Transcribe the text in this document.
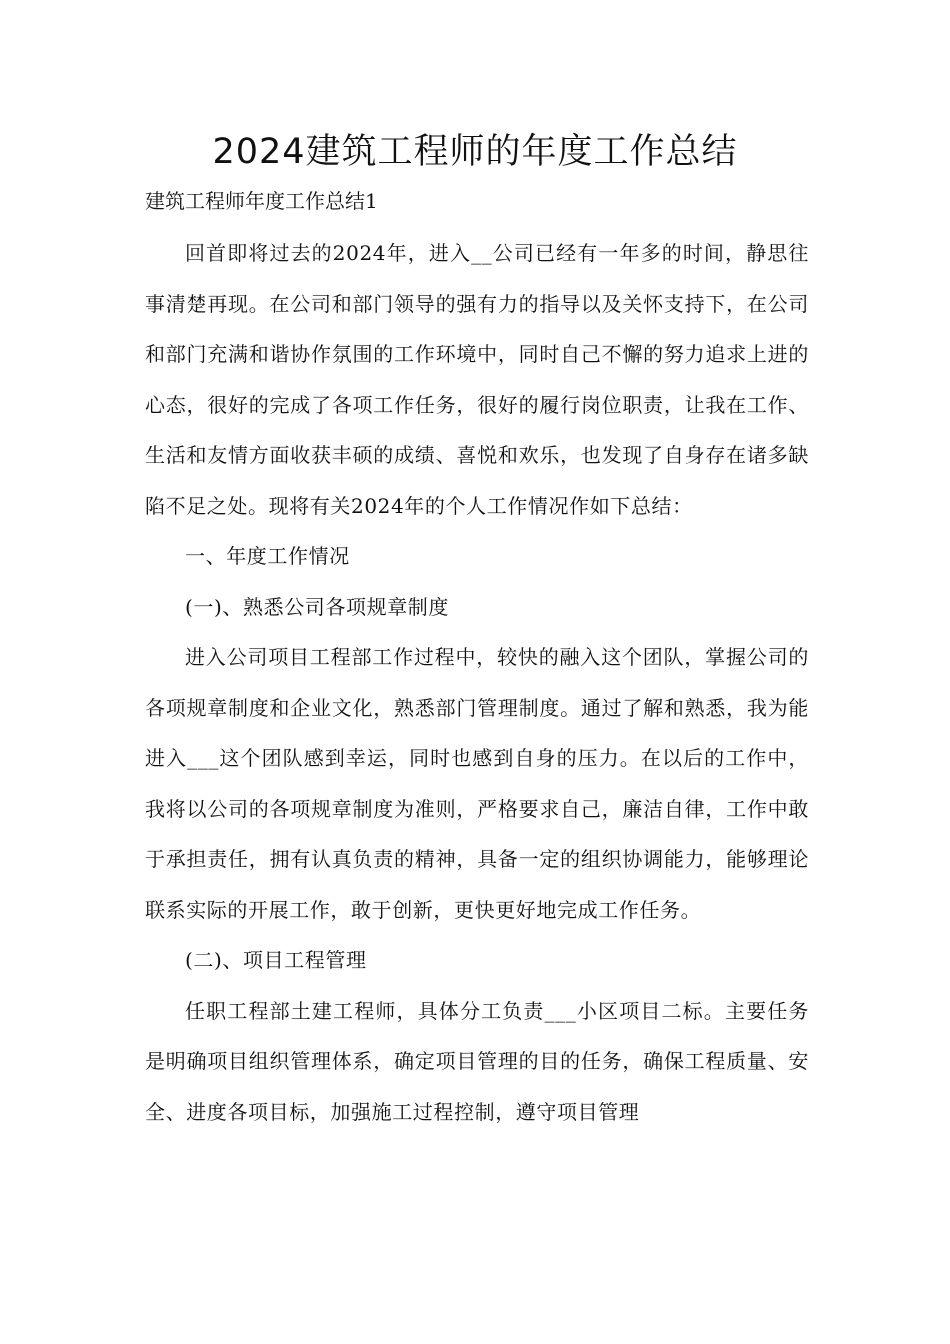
2024建筑工程师的年度工作总结

建筑工程师年度工作总结1

回首即将过去的2024年，进入__公司已经有一年多的时间，静思往事清楚再现。在公司和部门领导的强有力的指导以及关怀支持下，在公司和部门充满和谐协作氛围的工作环境中，同时自己不懈的努力追求上进的心态，很好的完成了各项工作任务，很好的履行岗位职责，让我在工作、生活和友情方面收获丰硕的成绩、喜悦和欢乐，也发现了自身存在诸多缺陷不足之处。现将有关2024年的个人工作情况作如下总结：

一、年度工作情况

(一)、熟悉公司各项规章制度

进入公司项目工程部工作过程中，较快的融入这个团队，掌握公司的各项规章制度和企业文化，熟悉部门管理制度。通过了解和熟悉，我为能进入___这个团队感到幸运，同时也感到自身的压力。在以后的工作中，我将以公司的各项规章制度为准则，严格要求自己，廉洁自律，工作中敢于承担责任，拥有认真负责的精神，具备一定的组织协调能力，能够理论联系实际的开展工作，敢于创新，更快更好地完成工作任务。

(二)、项目工程管理

任职工程部土建工程师，具体分工负责___小区项目二标。主要任务是明确项目组织管理体系，确定项目管理的目的任务，确保工程质量、安全、进度各项目标，加强施工过程控制，遵守项目管理
